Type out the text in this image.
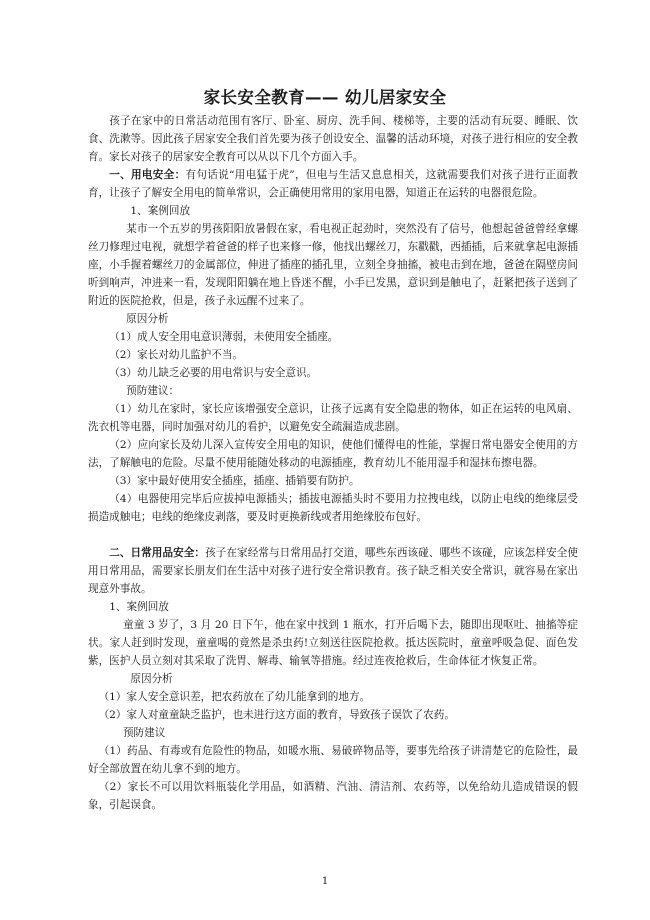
家长安全教育—— 幼儿居家安全

孩子在家中的日常活动范围有客厅、卧室、厨房、洗手间、楼梯等，主要的活动有玩耍、睡眠、饮食、洗漱等。因此孩子居家安全我们首先要为孩子创设安全、温馨的活动环境，对孩子进行相应的安全教育。家长对孩子的居家安全教育可以从以下几个方面入手。

一、用电安全：有句话说“用电猛于虎”，但电与生活又息息相关，这就需要我们对孩子进行正面教育，让孩子了解安全用电的简单常识，会正确使用常用的家用电器，知道正在运转的电器很危险。

1、案例回放

某市一个五岁的男孩阳阳放暑假在家，看电视正起劲时，突然没有了信号，他想起爸爸曾经拿螺丝刀修理过电视，就想学着爸爸的样子也来修一修，他找出螺丝刀，东戳戳，西插插，后来就拿起电源插座，小手握着螺丝刀的金属部位，伸进了插座的插孔里，立刻全身抽搐，被电击到在地，爸爸在隔壁房间听到响声，冲进来一看，发现阳阳躺在地上昏迷不醒，小手已发黑，意识到是触电了，赶紧把孩子送到了附近的医院抢救，但是，孩子永远醒不过来了。

原因分析

（1）成人安全用电意识薄弱，未使用安全插座。

（2）家长对幼儿监护不当。

（3）幼儿缺乏必要的用电常识与安全意识。

预防建议：

（1）幼儿在家时，家长应该增强安全意识，让孩子远离有安全隐患的物体，如正在运转的电风扇、洗衣机等电器，同时加强对幼儿的看护，以避免安全疏漏造成悲剧。

（2）应向家长及幼儿深入宣传安全用电的知识，使他们懂得电的性能，掌握日常电器安全使用的方法，了解触电的危险。尽量不使用能随处移动的电源插座，教育幼儿不能用湿手和湿抹布擦电器。

（3）家中最好使用安全插座，插座、插销要有防护。

（4）电器使用完毕后应拔掉电源插头；插拔电源插头时不要用力拉拽电线，以防止电线的绝缘层受损造成触电；电线的绝缘皮剥落，要及时更换新线或者用绝缘胶布包好。

二、日常用品安全：孩子在家经常与日常用品打交道，哪些东西该碰、哪些不该碰，应该怎样安全使用日常用品，需要家长朋友们在生活中对孩子进行安全常识教育。孩子缺乏相关安全常识，就容易在家出现意外事故。

1、案例回放

童童 3 岁了，3 月 20 日下午，他在家中找到 1 瓶水，打开后喝下去，随即出现呕吐、抽搐等症状。家人赶到时发现，童童喝的竟然是杀虫药!立刻送往医院抢救。抵达医院时，童童呼吸急促、面色发紫，医护人员立刻对其采取了洗胃、解毒、输氧等措施。经过连夜抢救后，生命体征才恢复正常。

原因分析

（1）家人安全意识差，把农药放在了幼儿能拿到的地方。

（2）家人对童童缺乏监护，也未进行这方面的教育，导致孩子误饮了农药。

预防建议

（1）药品、有毒或有危险性的物品，如暖水瓶、易破碎物品等，要事先给孩子讲清楚它的危险性，最好全部放置在幼儿拿不到的地方。

（2）家长不可以用饮料瓶装化学用品，如酒精、汽油、清洁剂、农药等，以免给幼儿造成错误的假象，引起误食。

1
